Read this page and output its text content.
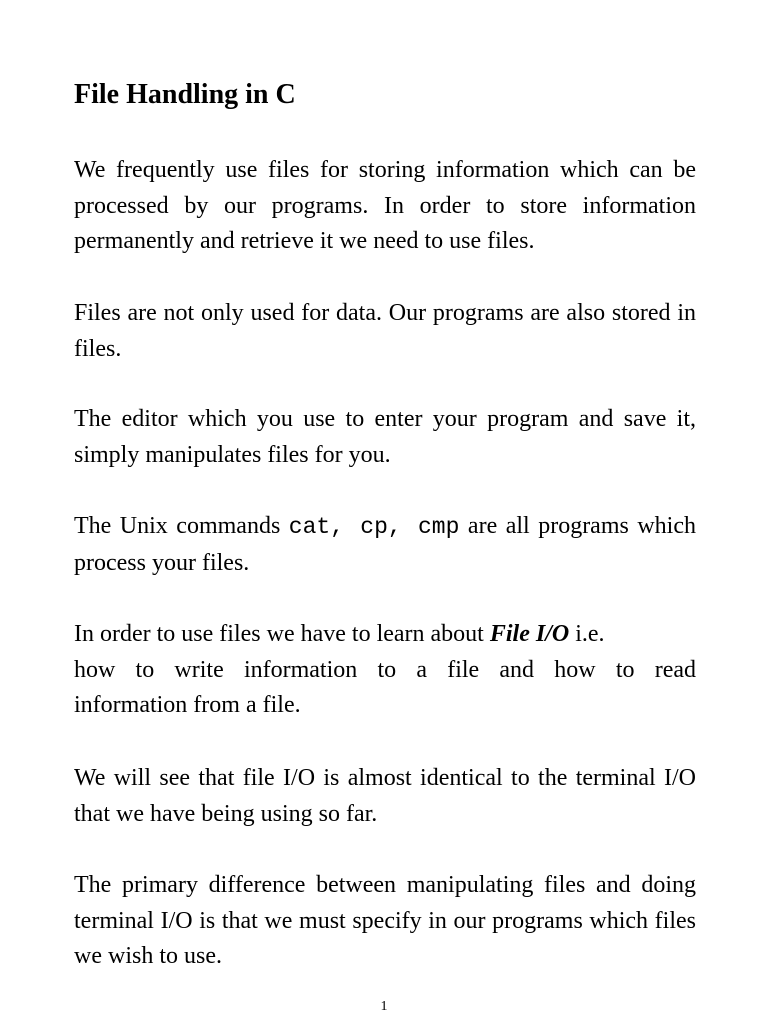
File Handling in C

We frequently use files for storing information which can be processed by our programs. In order to store information permanently and retrieve it we need to use files.

Files are not only used for data. Our programs are also stored in files.

The editor which you use to enter your program and save it, simply manipulates files for you.

The Unix commands cat, cp, cmp are all programs which process your files.

In order to use files we have to learn about File I/O i.e.

how to write information to a file and how to read
information from a file.

We will see that file I/O is almost identical to the terminal I/O that we have being using so far.

The primary difference between manipulating files and doing terminal I/O is that we must specify in our programs which files we wish to use.

1
